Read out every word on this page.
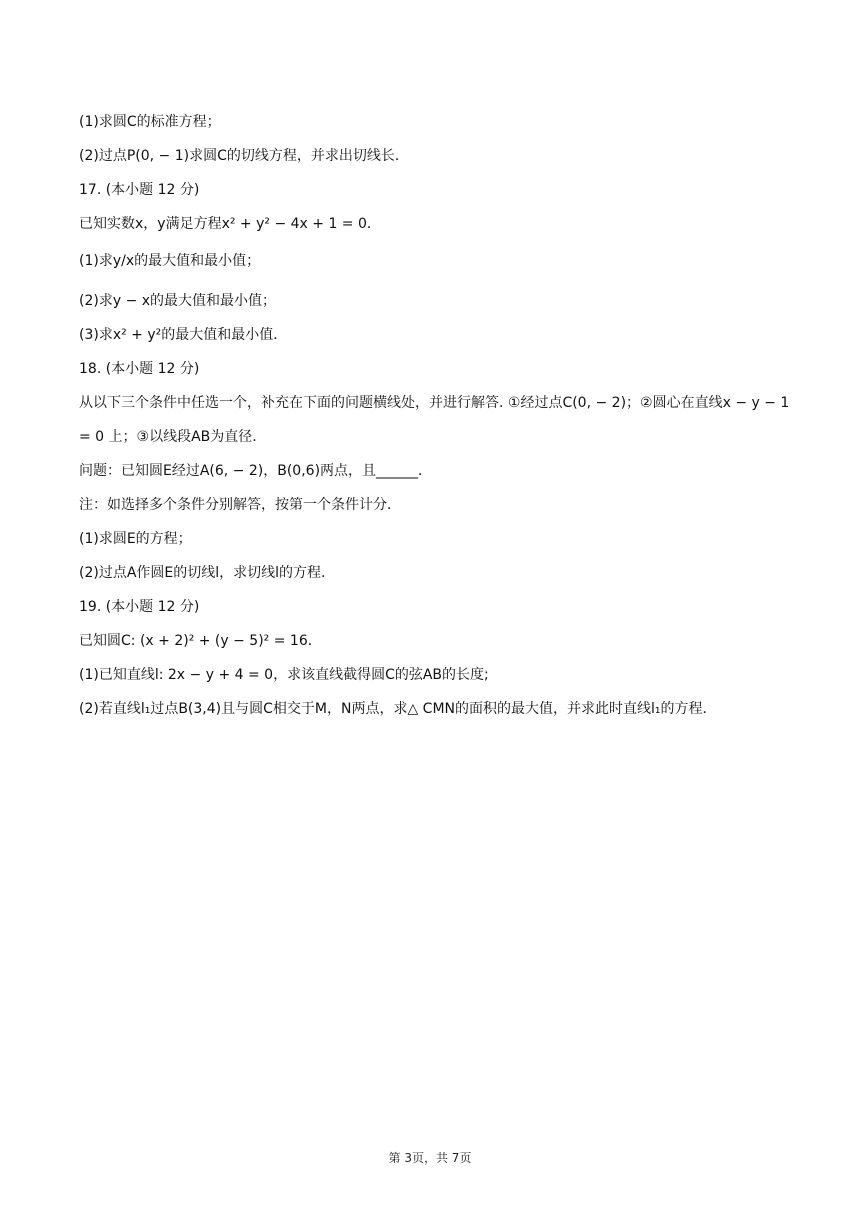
(1)求圆C的标准方程；
(2)过点P(0, − 1)求圆C的切线方程，并求出切线长．
17. (本小题 12 分)
已知实数x，y满足方程x² + y² − 4x + 1 = 0．
(1)求y/x的最大值和最小值；
(2)求y − x的最大值和最小值；
(3)求x² + y²的最大值和最小值．
18. (本小题 12 分)
从以下三个条件中任选一个，补充在下面的问题横线处，并进行解答. ①经过点C(0, − 2)；②圆心在直线x − y − 1 = 0 上；③以线段AB为直径.
问题：已知圆E经过A(6, − 2)，B(0,6)两点，且______．
注：如选择多个条件分别解答，按第一个条件计分．
(1)求圆E的方程；
(2)过点A作圆E的切线l，求切线l的方程．
19. (本小题 12 分)
已知圆C: (x + 2)² + (y − 5)² = 16．
(1)已知直线l: 2x − y + 4 = 0，求该直线截得圆C的弦AB的长度;
(2)若直线l₁过点B(3,4)且与圆C相交于M，N两点，求△ CMN的面积的最大值，并求此时直线l₁的方程．
第 3页，共 7页
